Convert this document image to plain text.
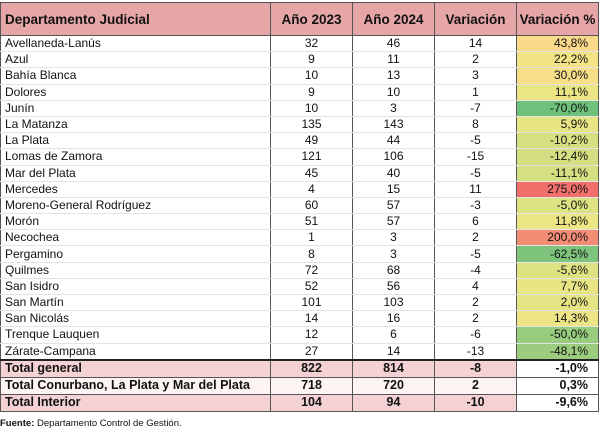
Departamento Judicial	Año 2023	Año 2024	Variación	Variación %
Avellaneda-Lanús	32	46	14	43,8%
Azul	9	11	2	22,2%
Bahía Blanca	10	13	3	30,0%
Dolores	9	10	1	11,1%
Junín	10	3	-7	-70,0%
La Matanza	135	143	8	5,9%
La Plata	49	44	-5	-10,2%
Lomas de Zamora	121	106	-15	-12,4%
Mar del Plata	45	40	-5	-11,1%
Mercedes	4	15	11	275,0%
Moreno-General Rodríguez	60	57	-3	-5,0%
Morón	51	57	6	11,8%
Necochea	1	3	2	200,0%
Pergamino	8	3	-5	-62,5%
Quilmes	72	68	-4	-5,6%
San Isidro	52	56	4	7,7%
San Martín	101	103	2	2,0%
San Nicolás	14	16	2	14,3%
Trenque Lauquen	12	6	-6	-50,0%
Zárate-Campana	27	14	-13	-48,1%
Total general	822	814	-8	-1,0%
Total Conurbano, La Plata y Mar del Plata	718	720	2	0,3%
Total Interior	104	94	-10	-9,6%
Fuente: Departamento Control de Gestión.
